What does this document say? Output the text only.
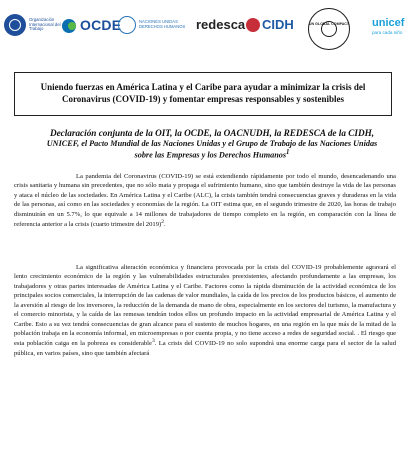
Organización Internacional del Trabajo	OCDE	NACIONES UNIDAS DERECHOS HUMANOS redesca CIDH	UN GLOBAL COMPACT unicef
para cada niño
Uniendo fuerzas en América Latina y el Caribe para ayudar a minimizar la crisis del Coronavirus (COVID-19) y fomentar empresas responsables y sostenibles
Declaración conjunta de la OIT, la OCDE, la OACNUDH, la REDESCA de la CIDH, UNICEF, el Pacto Mundial de las Naciones Unidas y el Grupo de Trabajo de las Naciones Unidas sobre las Empresas y los Derechos Humanos$^1$

La pandemia del Coronavirus (COVID-19) se está extendiendo rápidamente por todo el mundo, desencadenando una crisis sanitaria y humana sin precedentes, que no sólo mata y propaga el sufrimiento humano, sino que también destruye la vida de las personas y ataca el núcleo de las sociedades. En América Latina y el Caribe (ALC), la crisis también tendrá consecuencias graves y duraderas en la vida de las personas, así como en las sociedades y economías de la región. La OIT estima que, en el segundo trimestre de 2020, las horas de trabajo disminuirán en un 5.7%, lo que equivale a 14 millones de trabajadores de tiempo completo en la región, en comparación con la línea de referencia anterior a la crisis (cuarto trimestre del 2019)$^2$.

La significativa alteración económica y financiera provocada por la crisis del COVID-19 probablemente agravará el lento crecimiento económico de la región y las vulnerabilidades estructurales preexistentes, afectando profundamente a las empresas, los trabajadores y otras partes interesadas de América Latina y el Caribe. Factores como la rápida disminución de la actividad económica de los principales socios comerciales, la interrupción de las cadenas de valor mundiales, la caída de los precios de los productos básicos, el aumento de la aversión al riesgo de los inversores, la reducción de la demanda de mano de obra, especialmente en los sectores del turismo, la manufactura y el comercio minorista, y la caída de las remesas tendrán todos ellos un profundo impacto en la actividad empresarial de América Latina y el Caribe. Esto a su vez tendrá consecuencias de gran alcance para el sustento de muchos hogares, en una región en la que más de la mitad de la población trabaja en la economía informal, en microempresas o por cuenta propia, y no tiene acceso a redes de seguridad social. . El riesgo que esta población caiga en la pobreza es considerable$^3$. La crisis del COVID-19 no solo supondrá una enorme carga para el sector de la salud pública, en varios países, sino que también afectará
